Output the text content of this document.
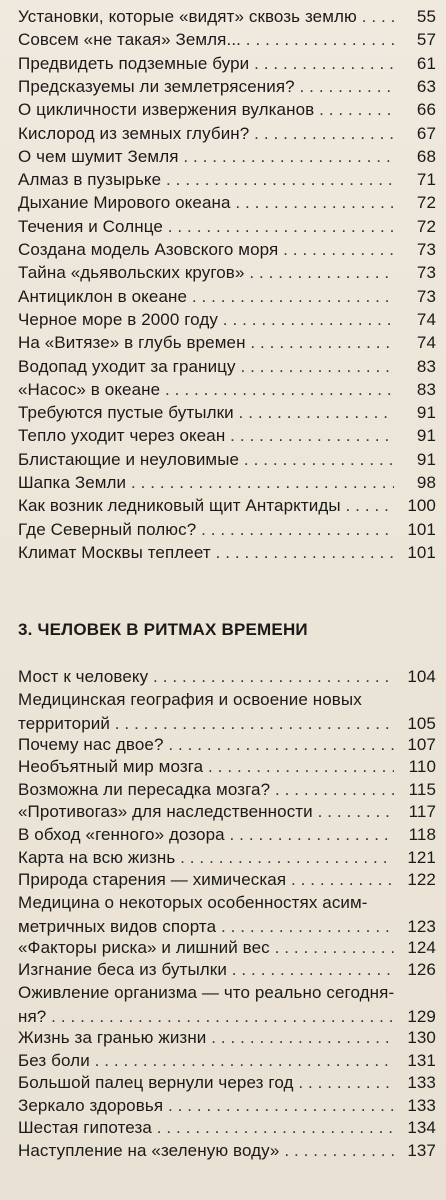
Установки, которые «видят» сквозь землю . . .	55
Совсем «не такая» Земля... . . .	57
Предвидеть подземные бури . . .	61
Предсказуемы ли землетрясения? . . .	63
О цикличности извержения вулканов . . .	66
Кислород из земных глубин? . . .	67
О чем шумит Земля . . .	68
Алмаз в пузырьке . . .	71
Дыхание Мирового океана . . .	72
Течения и Солнце . . .	72
Создана модель Азовского моря . . .	73
Тайна «дьявольских кругов» . . .	73
Антициклон в океане . . .	73
Черное море в 2000 году . . .	74
На «Витязе» в глубь времен . . .	74
Водопад уходит за границу . . .	83
«Насос» в океане . . .	83
Требуются пустые бутылки . . .	91
Тепло уходит через океан . . .	91
Блистающие и неуловимые . . .	91
Шапка Земли . . .	98
Как возник ледниковый щит Антарктиды . . .	100
Где Северный полюс? . . .	101
Климат Москвы теплеет . . .	101
3. ЧЕЛОВЕК В РИТМАХ ВРЕМЕНИ
Мост к человеку . . .	104
Медицинская география и освоение новых
территорий . . .	105
Почему нас двое? . . .	107
Необъятный мир мозга . . .	110
Возможна ли пересадка мозга? . . .	115
«Противогаз» для наследственности . . .	117
В обход «генного» дозора . . .	118
Карта на всю жизнь . . .	121
Природа старения — химическая . . .	122
Медицина о некоторых особенностях асим-
метричных видов спорта . . .	123
«Факторы риска» и лишний вес . . .	124
Изгнание беса из бутылки . . .	126
Оживление организма — что реально сегодня-
ня? . . .	129
Жизнь за гранью жизни . . .	130
Без боли . . .	131
Большой палец вернули через год . . .	133
Зеркало здоровья . . .	133
Шестая гипотеза . . .	134
Наступление на «зеленую воду» . . .	137
